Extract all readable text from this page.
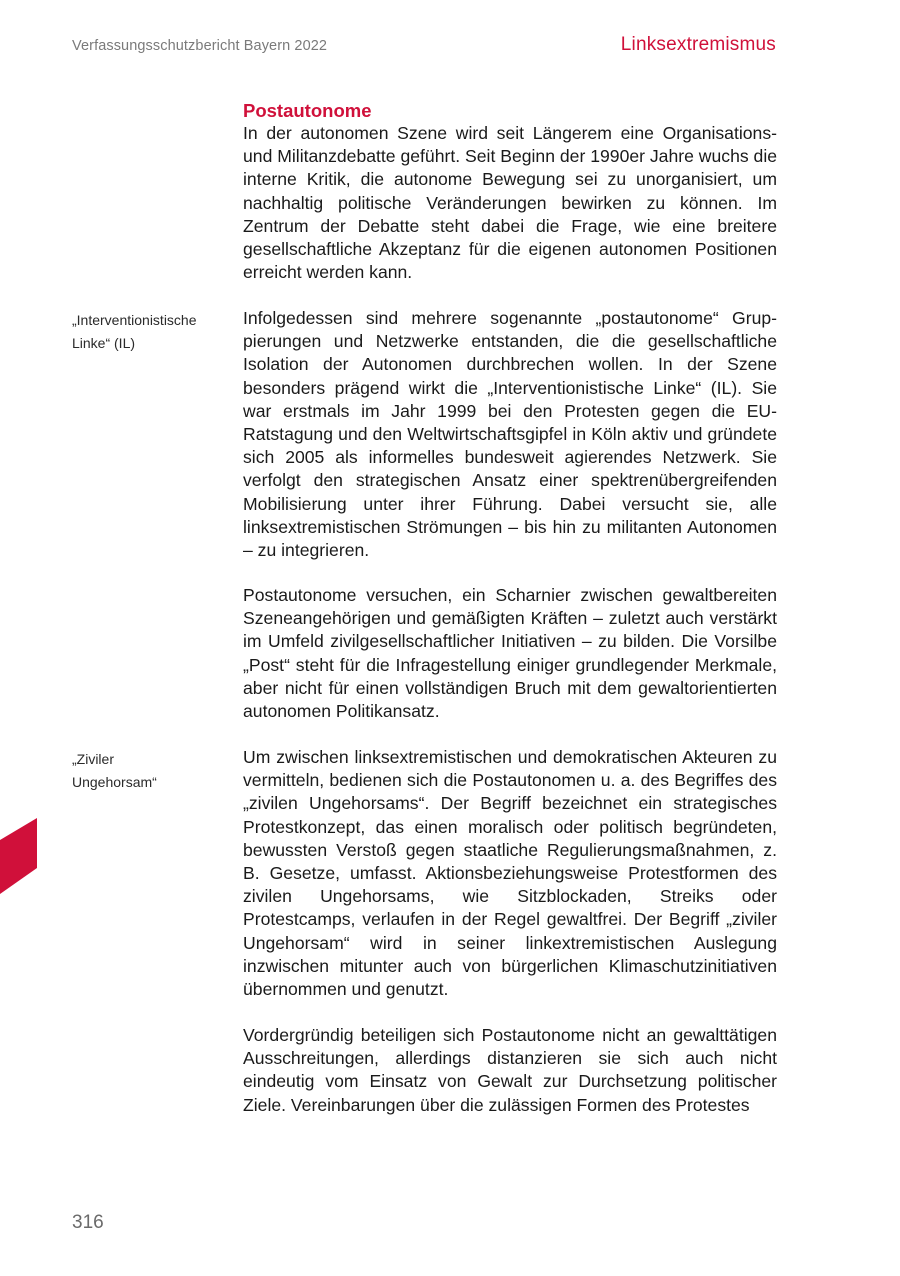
Verfassungsschutzbericht Bayern 2022	Linksextremismus
„Interventionistische Linke“ (IL)
„Ziviler Ungehorsam“
Postautonome

In der autonomen Szene wird seit Längerem eine Organisations- und Militanzdebatte geführt. Seit Beginn der 1990er Jahre wuchs die interne Kritik, die autonome Bewegung sei zu unorganisiert, um nachhaltig politische Veränderungen bewirken zu können. Im Zentrum der Debatte steht dabei die Frage, wie eine breitere gesellschaftliche Akzeptanz für die eigenen autonomen Positionen erreicht werden kann.

Infolgedessen sind mehrere sogenannte „postautonome“ Gruppierungen und Netzwerke entstanden, die die gesellschaftliche Isolation der Autonomen durchbrechen wollen. In der Szene besonders prägend wirkt die „Interventionistische Linke“ (IL). Sie war erstmals im Jahr 1999 bei den Protesten gegen die EU-Ratstagung und den Weltwirtschaftsgipfel in Köln aktiv und gründete sich 2005 als informelles bundesweit agierendes Netzwerk. Sie verfolgt den strategischen Ansatz einer spektrenübergreifenden Mobilisierung unter ihrer Führung. Dabei versucht sie, alle linksextremistischen Strömungen – bis hin zu militanten Autonomen – zu integrieren.

Postautonome versuchen, ein Scharnier zwischen gewaltbereiten Szeneangehörigen und gemäßigten Kräften – zuletzt auch verstärkt im Umfeld zivilgesellschaftlicher Initiativen – zu bilden. Die Vorsilbe „Post“ steht für die Infragestellung einiger grundlegender Merkmale, aber nicht für einen vollständigen Bruch mit dem gewaltorientierten autonomen Politikansatz.

Um zwischen linksextremistischen und demokratischen Akteuren zu vermitteln, bedienen sich die Postautonomen u. a. des Begriffes des „zivilen Ungehorsams“. Der Begriff bezeichnet ein strategisches Protestkonzept, das einen moralisch oder politisch begründeten, bewussten Verstoß gegen staatliche Regulierungsmaßnahmen, z. B. Gesetze, umfasst. Aktionsbeziehungsweise Protestformen des zivilen Ungehorsams, wie Sitzblockaden, Streiks oder Protestcamps, verlaufen in der Regel gewaltfrei. Der Begriff „ziviler Ungehorsam“ wird in seiner linkextremistischen Auslegung inzwischen mitunter auch von bürgerlichen Klimaschutzinitiativen übernommen und genutzt.

Vordergründig beteiligen sich Postautonome nicht an gewalttätigen Ausschreitungen, allerdings distanzieren sie sich auch nicht eindeutig vom Einsatz von Gewalt zur Durchsetzung politischer Ziele. Vereinbarungen über die zulässigen Formen des Protestes

316
